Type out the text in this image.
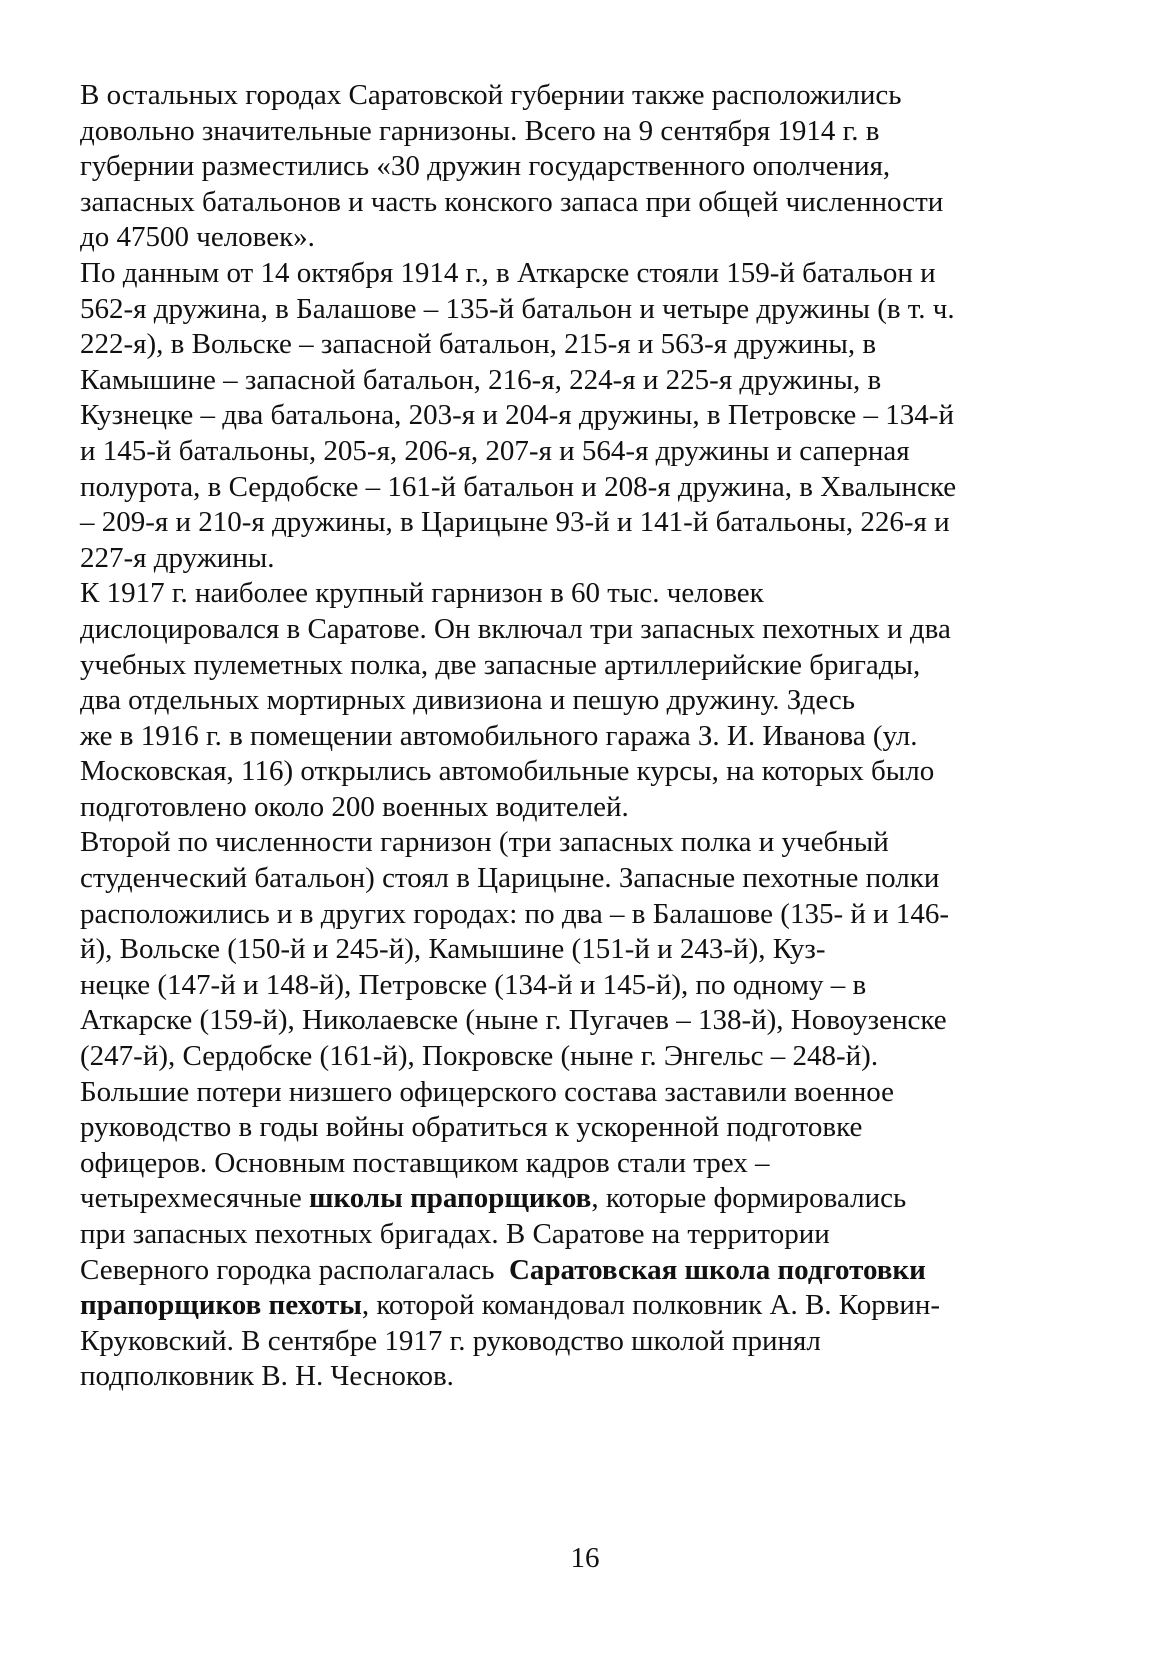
В остальных городах Саратовской губернии также расположились
довольно значительные гарнизоны. Всего на 9 сентября 1914 г. в
губернии разместились «30 дружин государственного ополчения,
запасных батальонов и часть конского запаса при общей численности
до 47500 человек».
По данным от 14 октября 1914 г., в Аткарске стояли 159-й батальон и
562-я дружина, в Балашове – 135-й батальон и четыре дружины (в т. ч.
222-я), в Вольске – запасной батальон, 215-я и 563-я дружины, в
Камышине – запасной батальон, 216-я, 224-я и 225-я дружины, в
Кузнецке – два батальона, 203-я и 204-я дружины, в Петровске – 134-й
и 145-й батальоны, 205-я, 206-я, 207-я и 564-я дружины и саперная
полурота, в Сердобске – 161-й батальон и 208-я дружина, в Хвалынске
– 209-я и 210-я дружины, в Царицыне 93-й и 141-й батальоны, 226-я и
227-я дружины.
К 1917 г. наиболее крупный гарнизон в 60 тыс. человек
дислоцировался в Саратове. Он включал три запасных пехотных и два
учебных пулеметных полка, две запасные артиллерийские бригады,
два отдельных мортирных дивизиона и пешую дружину. Здесь
же в 1916 г. в помещении автомобильного гаража З. И. Иванова (ул.
Московская, 116) открылись автомобильные курсы, на которых было
подготовлено около 200 военных водителей.
Второй по численности гарнизон (три запасных полка и учебный
студенческий батальон) стоял в Царицыне. Запасные пехотные полки
расположились и в других городах: по два – в Балашове (135- й и 146-
й), Вольске (150-й и 245-й), Камышине (151-й и 243-й), Куз-
нецке (147-й и 148-й), Петровске (134-й и 145-й), по одному – в
Аткарске (159-й), Николаевске (ныне г. Пугачев – 138-й), Новоузенске
(247-й), Сердобске (161-й), Покровске (ныне г. Энгельс – 248-й).
Большие потери низшего офицерского состава заставили военное
руководство в годы войны обратиться к ускоренной подготовке
офицеров. Основным поставщиком кадров стали трех –
четырехмесячные школы прапорщиков, которые формировались
при запасных пехотных бригадах. В Саратове на территории
Северного городка располагалась  Саратовская школа подготовки
прапорщиков пехоты, которой командовал полковник А. В. Корвин-
Круковский. В сентябре 1917 г. руководство школой принял
подполковник В. Н. Чесноков.
16
